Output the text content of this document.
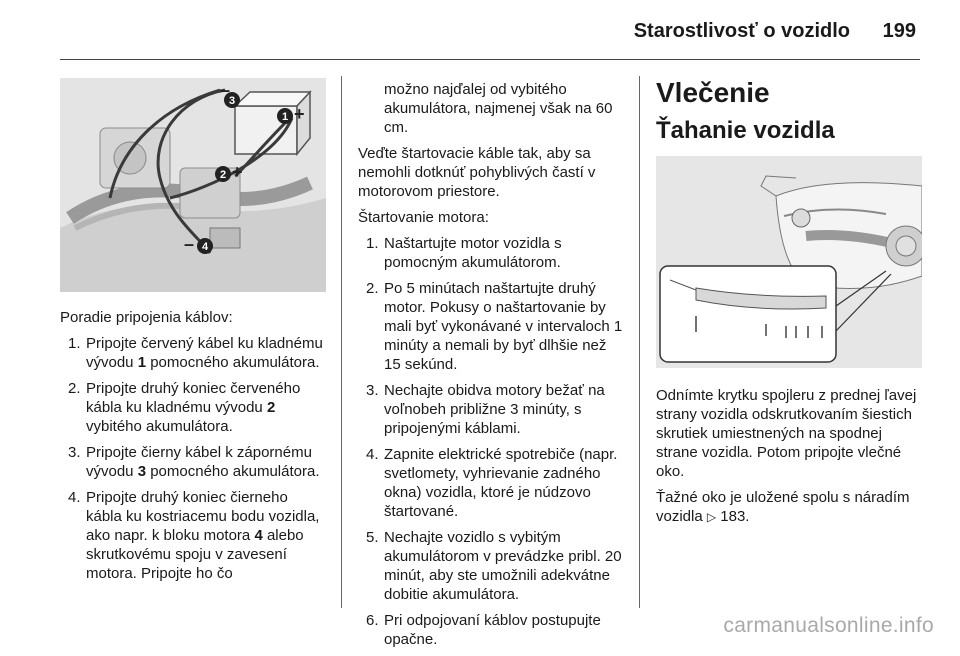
Starostlivosť o vozidlo 199
3
–
1 +
2 +
4
–

Poradie pripojenia káblov:

1. Pripojte červený kábel ku kladnému vývodu 1 pomocného akumulátora.
2. Pripojte druhý koniec červeného kábla ku kladnému vývodu 2 vybitého akumulátora.
3. Pripojte čierny kábel k zápornému vývodu 3 pomocného akumulátora.
4. Pripojte druhý koniec čierneho kábla ku kostriacemu bodu vozidla, ako napr. k bloku motora 4 alebo skrutkovému spoju v zavesení motora. Pripojte ho čo

možno najďalej od vybitého akumulátora, najmenej však na 60 cm.

Veďte štartovacie káble tak, aby sa nemohli dotknúť pohyblivých častí v motorovom priestore.

Štartovanie motora:

1. Naštartujte motor vozidla s pomocným akumulátorom.
2. Po 5 minútach naštartujte druhý motor. Pokusy o naštartovanie by mali byť vykonávané v intervaloch 1 minúty a nemali by byť dlhšie než 15 sekúnd.
3. Nechajte obidva motory bežať na voľnobeh približne 3 minúty, s pripojenými káblami.
4. Zapnite elektrické spotrebiče (napr. svetlomety, vyhrievanie zadného okna) vozidla, ktoré je núdzovo štartované.
5. Nechajte vozidlo s vybitým akumulátorom v prevádzke pribl. 20 minút, aby ste umožnili adekvátne dobitie akumulátora.
6. Pri odpojovaní káblov postupujte opačne.
Vlečenie
Ťahanie vozidla

Odnímte krytku spojleru z prednej ľavej strany vozidla odskrutkovaním šiestich skrutiek umiestnených na spodnej strane vozidla. Potom pripojte vlečné oko.

Ťažné oko je uložené spolu s náradím vozidla ▷ 183.

carmanualsonline.info
